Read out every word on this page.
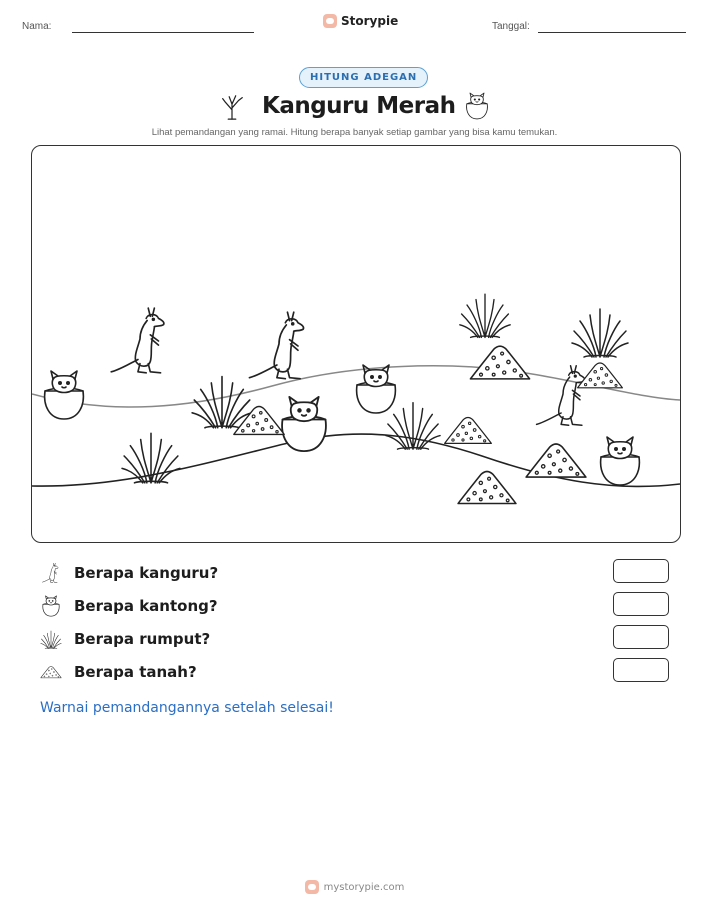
Nama:	Storypie	Tanggal:
HITUNG ADEGAN
Kanguru Merah
Lihat pemandangan yang ramai. Hitung berapa banyak setiap gambar yang bisa kamu temukan.
Berapa kanguru?
Berapa kantong?
Berapa rumput?
Berapa tanah?
Warnai pemandangannya setelah selesai!
mystorypie.com
